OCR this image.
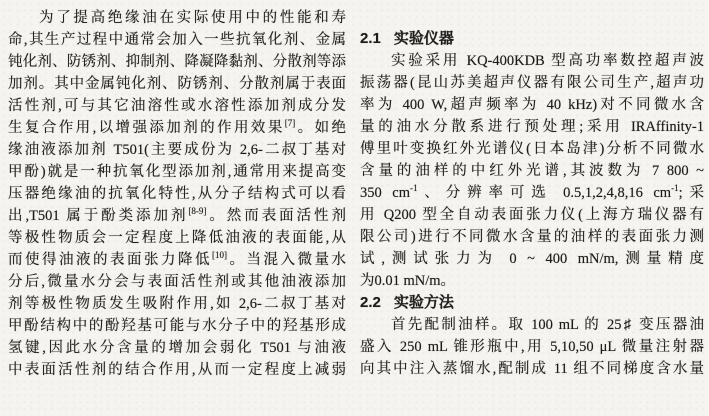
为了提高绝缘油在实际使用中的性能和寿
命,其生产过程中通常会加入一些抗氧化剂、金属
钝化剂、防锈剂、抑制剂、降凝降黏剂、分散剂等添
加剂。其中金属钝化剂、防锈剂、分散剂属于表面
活性剂,可与其它油溶性或水溶性添加剂成分发
生复合作用,以增强添加剂的作用效果[7]。如绝
缘油液添加剂 T501(主要成份为 2,6-二叔丁基对
甲酚)就是一种抗氧化型添加剂,通常用来提高变
压器绝缘油的抗氧化特性,从分子结构式可以看
出,T501 属于酚类添加剂[8-9]。然而表面活性剂
等极性物质会一定程度上降低油液的表面能,从
而使得油液的表面张力降低[10]。当混入微量水
分后,微量水分会与表面活性剂或其他油液添加
剂等极性物质发生吸附作用,如 2,6-二叔丁基对
甲酚结构中的酚羟基可能与水分子中的羟基形成
氢键,因此水分含量的增加会弱化 T501 与油液
中表面活性剂的结合作用,从而一定程度上减弱
2.1 实验仪器
实验采用 KQ-400KDB 型高功率数控超声波
振荡器(昆山苏美超声仪器有限公司生产,超声功
率为 400 W,超声频率为 40 kHz)对不同微水含
量的油水分散系进行预处理;采用 IRAffinity-1
傅里叶变换红外光谱仪(日本岛津)分析不同微水
含量的油样的中红外光谱,其波数为 7 800 ~
350 $cm^{-1}$、分辨率可选 0.5,1,2,4,8,16 $cm^{-1}$;采
用 Q200 型全自动表面张力仪(上海方瑞仪器有
限公司)进行不同微水含量的油样的表面张力测
试,测试张力为 0 ~ 400 mN/m,测量精度
为0.01 mN/m。
2.2 实验方法
首先配制油样。取 100 mL 的 25♯ 变压器油
盛入 250 mL 锥形瓶中,用 5,10,50 μL 微量注射器
向其中注入蒸馏水,配制成 11 组不同梯度含水量
